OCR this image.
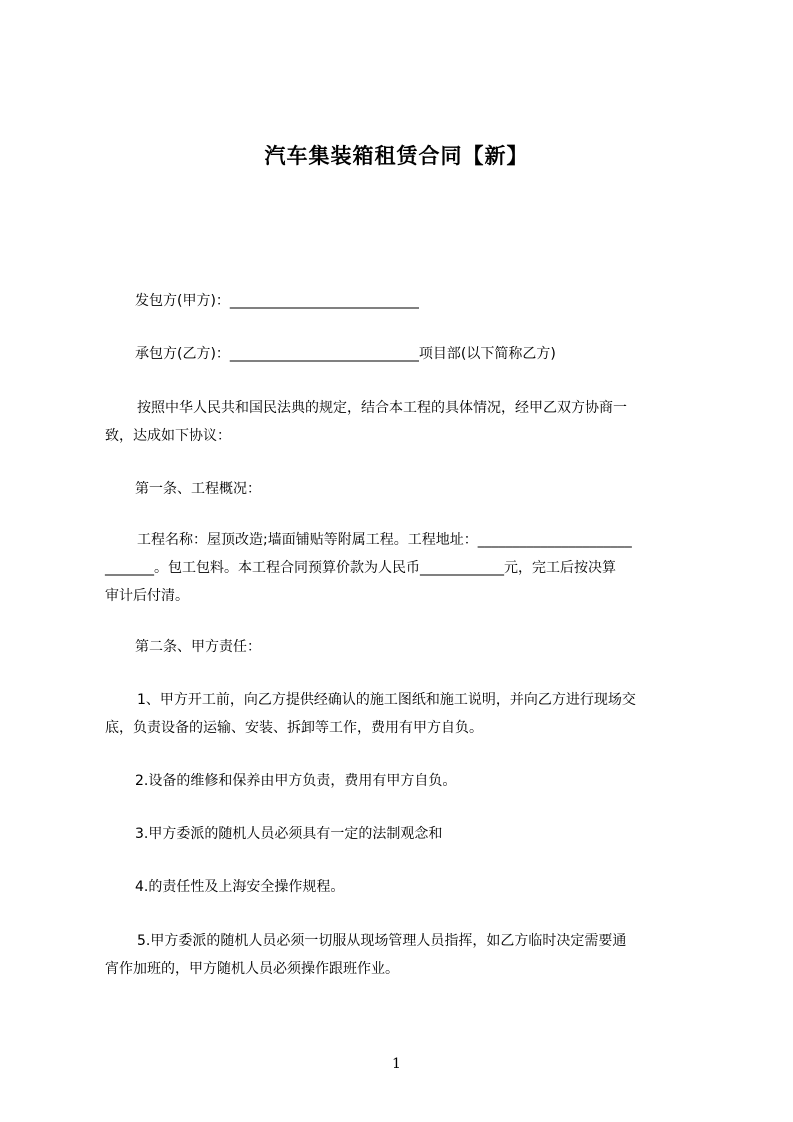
汽车集装箱租赁合同【新】
发包方(甲方)：___________________________
承包方(乙方)：___________________________项目部(以下简称乙方)
按照中华人民共和国民法典的规定，结合本工程的具体情况，经甲乙双方协商一
致，达成如下协议：
第一条、工程概况：
工程名称：屋顶改造;墙面铺贴等附属工程。工程地址：______________________
_______。包工包料。本工程合同预算价款为人民币____________元，完工后按决算
审计后付清。
第二条、甲方责任：
1、甲方开工前，向乙方提供经确认的施工图纸和施工说明，并向乙方进行现场交
底，负责设备的运输、安装、拆卸等工作，费用有甲方自负。
2.设备的维修和保养由甲方负责，费用有甲方自负。
3.甲方委派的随机人员必须具有一定的法制观念和
4.的责任性及上海安全操作规程。
5.甲方委派的随机人员必须一切服从现场管理人员指挥，如乙方临时决定需要通
宵作加班的，甲方随机人员必须操作跟班作业。
1
